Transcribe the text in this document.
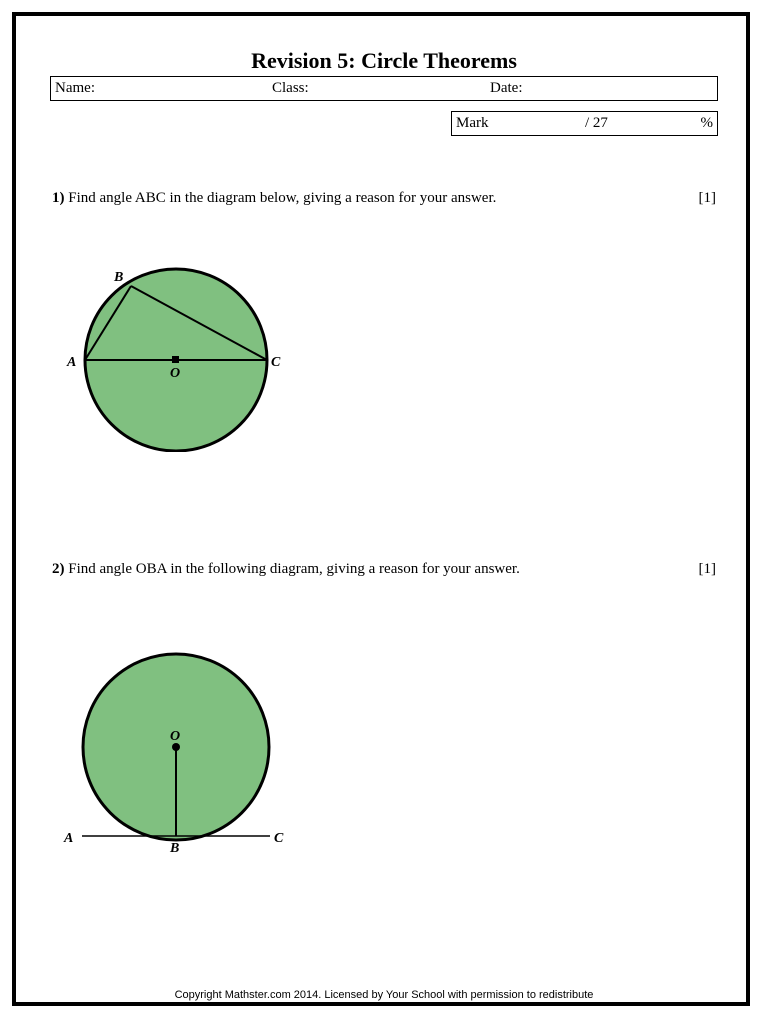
Revision 5: Circle Theorems
Name:	Class:	Date:
Mark	/ 27	%
1) Find angle ABC in the diagram below, giving a reason for your answer.	[1]
B
A	C
O
2) Find angle OBA in the following diagram, giving a reason for your answer.	[1]
O
A
B
C
Copyright Mathster.com 2014. Licensed by Your School with permission to redistribute
